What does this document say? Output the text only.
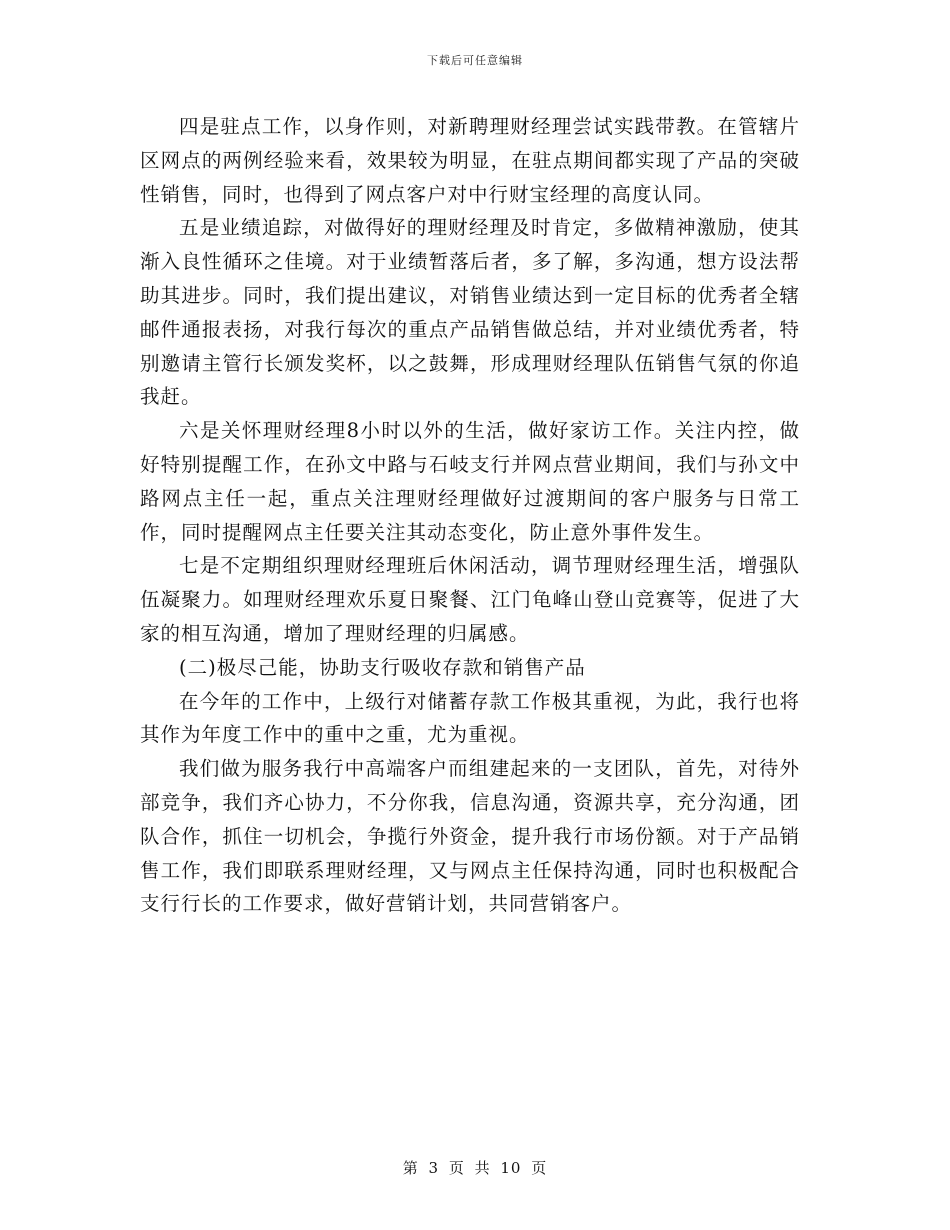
下载后可任意编辑

四是驻点工作，以身作则，对新聘理财经理尝试实践带教。在管辖片区网点的两例经验来看，效果较为明显，在驻点期间都实现了产品的突破性销售，同时，也得到了网点客户对中行财宝经理的高度认同。

五是业绩追踪，对做得好的理财经理及时肯定，多做精神激励，使其渐入良性循环之佳境。对于业绩暂落后者，多了解，多沟通，想方设法帮助其进步。同时，我们提出建议，对销售业绩达到一定目标的优秀者全辖邮件通报表扬，对我行每次的重点产品销售做总结，并对业绩优秀者，特别邀请主管行长颁发奖杯，以之鼓舞，形成理财经理队伍销售气氛的你追我赶。

六是关怀理财经理8小时以外的生活，做好家访工作。关注内控，做好特别提醒工作，在孙文中路与石岐支行并网点营业期间，我们与孙文中路网点主任一起，重点关注理财经理做好过渡期间的客户服务与日常工作，同时提醒网点主任要关注其动态变化，防止意外事件发生。

七是不定期组织理财经理班后休闲活动，调节理财经理生活，增强队伍凝聚力。如理财经理欢乐夏日聚餐、江门龟峰山登山竞赛等，促进了大家的相互沟通，增加了理财经理的归属感。

(二)极尽己能，协助支行吸收存款和销售产品

在今年的工作中，上级行对储蓄存款工作极其重视，为此，我行也将其作为年度工作中的重中之重，尤为重视。

我们做为服务我行中高端客户而组建起来的一支团队，首先，对待外部竞争，我们齐心协力，不分你我，信息沟通，资源共享，充分沟通，团队合作，抓住一切机会，争揽行外资金，提升我行市场份额。对于产品销售工作，我们即联系理财经理，又与网点主任保持沟通，同时也积极配合支行行长的工作要求，做好营销计划，共同营销客户。

第 3 页 共 10 页
